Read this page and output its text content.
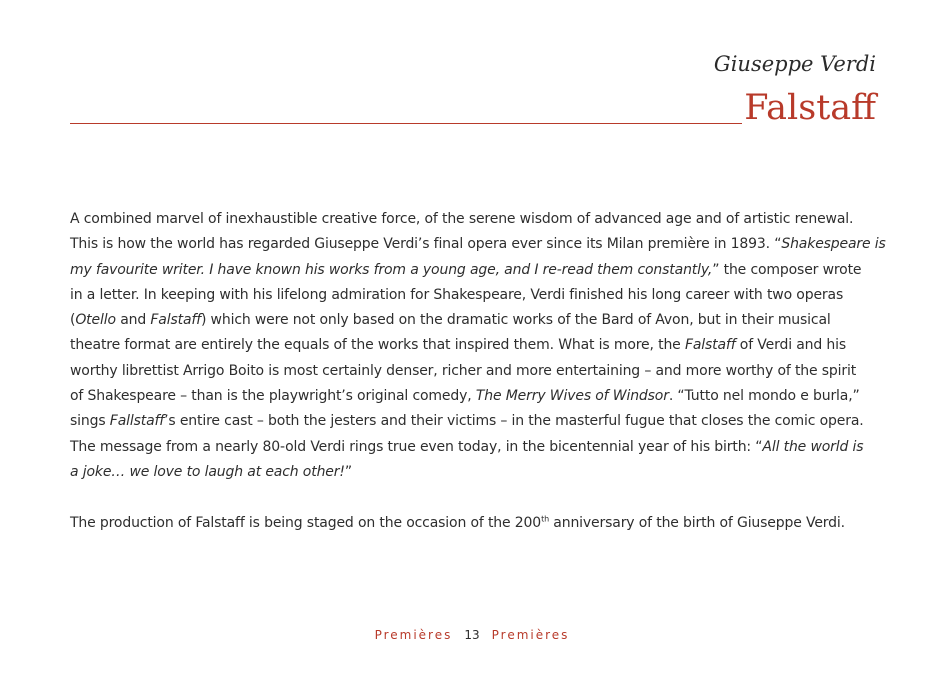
Giuseppe Verdi
Falstaff
A combined marvel of inexhaustible creative force, of the serene wisdom of advanced age and of artistic renewal.
This is how the world has regarded Giuseppe Verdi’s final opera ever since its Milan première in 1893. “Shakespeare is
my favourite writer. I have known his works from a young age, and I re-read them constantly,” the composer wrote
in a letter. In keeping with his lifelong admiration for Shakespeare, Verdi finished his long career with two operas
(Otello and Falstaff) which were not only based on the dramatic works of the Bard of Avon, but in their musical
theatre format are entirely the equals of the works that inspired them. What is more, the Falstaff of Verdi and his
worthy librettist Arrigo Boito is most certainly denser, richer and more entertaining – and more worthy of the spirit
of Shakespeare – than is the playwright’s original comedy, The Merry Wives of Windsor. “Tutto nel mondo e burla,”
sings Fallstaff’s entire cast – both the jesters and their victims – in the masterful fugue that closes the comic opera.
The message from a nearly 80-old Verdi rings true even today, in the bicentennial year of his birth: “All the world is
a joke… we love to laugh at each other!”
The production of Falstaff is being staged on the occasion of the 200th anniversary of the birth of Giuseppe Verdi.
Premières 13 Premières
